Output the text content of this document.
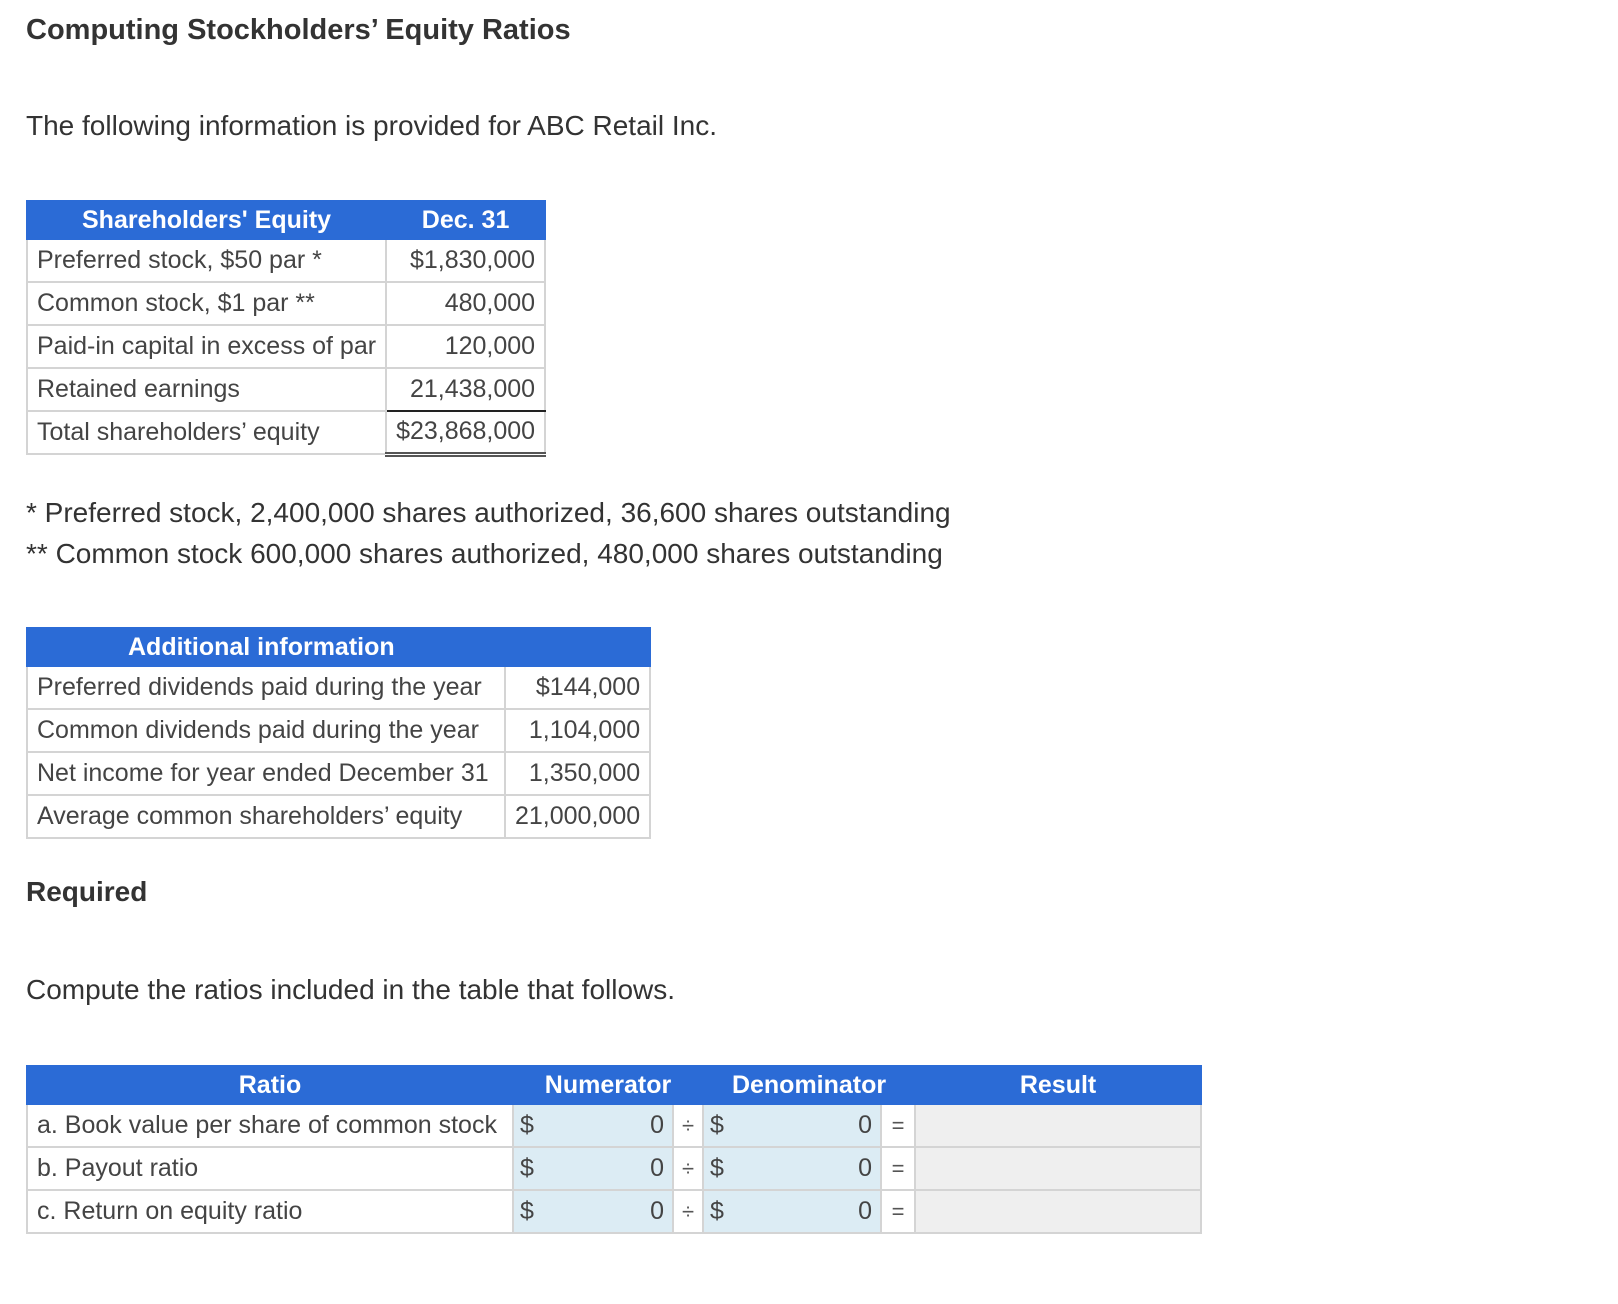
Computing Stockholders’ Equity Ratios

The following information is provided for ABC Retail Inc.

Shareholders' Equity	Dec. 31
Preferred stock, $50 par *	$1,830,000
Common stock, $1 par **	480,000
Paid-in capital in excess of par	120,000
Retained earnings	21,438,000
Total shareholders’ equity	$23,868,000

* Preferred stock, 2,400,000 shares authorized, 36,600 shares outstanding

** Common stock 600,000 shares authorized, 480,000 shares outstanding

Additional information	
Preferred dividends paid during the year	$144,000
Common dividends paid during the year	1,104,000
Net income for year ended December 31	1,350,000
Average common shareholders’ equity	21,000,000
Required

Compute the ratios included in the table that follows.

Ratio	Numerator			Denominator			Result
a. Book value per share of common stock	$	0	÷	$	0	=	
b. Payout ratio	$	0	÷	$	0	=	
c. Return on equity ratio	$	0	÷	$	0	=	
